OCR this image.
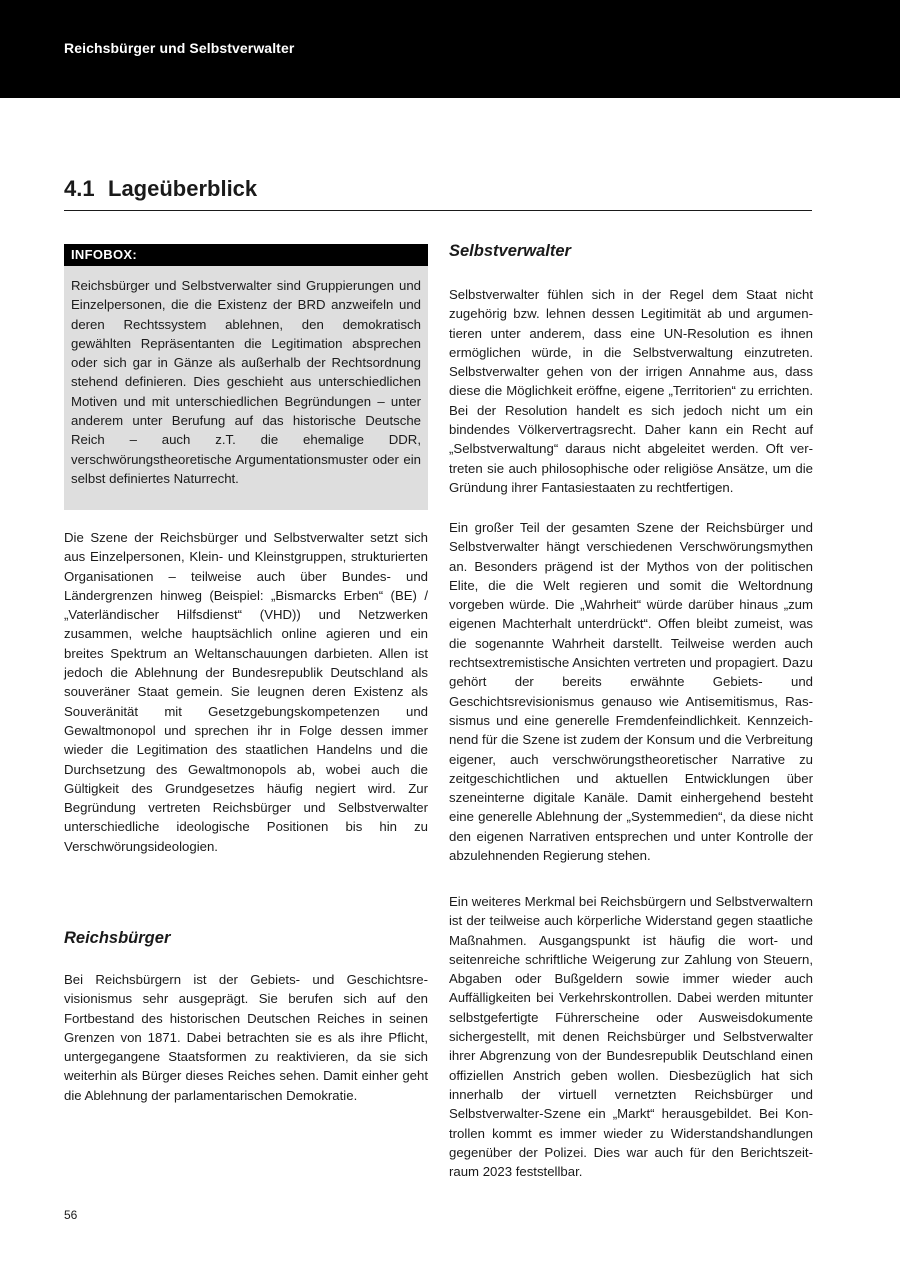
Reichsbürger und Selbstverwalter
4.1 Lageüberblick
INFOBOX:

Reichsbürger und Selbstverwalter sind Gruppierungen und Einzelpersonen, die die Existenz der BRD anzweifeln und deren Rechtssystem ablehnen, den demokratisch gewählten Repräsentanten die Legitimation absprechen oder sich gar in Gänze als außerhalb der Rechtsordnung stehend definieren. Dies geschieht aus unterschiedlichen Motiven und mit unterschiedlichen Begründungen – unter anderem unter Berufung auf das historische Deutsche Reich – auch z.T. die ehemalige DDR, verschwörungstheoretische Argumentationsmuster oder ein selbst definiertes Naturrecht.

Die Szene der Reichsbürger und Selbstverwalter setzt sich aus Einzelpersonen, Klein- und Kleinstgruppen, strukturierten Organisationen – teilweise auch über Bundes- und Ländergrenzen hinweg (Beispiel: „Bismarcks Erben“ (BE) / „Vaterländischer Hilfsdienst“ (VHD)) und Netzwerken zusammen, welche hauptsächlich online agieren und ein breites Spektrum an Weltanschauungen darbieten. Allen ist jedoch die Ablehnung der Bundesrepublik Deutschland als souveräner Staat gemein. Sie leugnen deren Existenz als Souveränität mit Gesetzgebungskompetenzen und Gewaltmonopol und sprechen ihr in Folge dessen immer wieder die Legitimation des staatlichen Handelns und die Durchsetzung des Gewaltmonopols ab, wobei auch die Gültigkeit des Grundgesetzes häufig negiert wird. Zur Begründung vertreten Reichsbürger und Selbstverwalter unterschiedliche ideologische Positionen bis hin zu Verschwörungsideologien.

Reichsbürger

Bei Reichsbürgern ist der Gebiets- und Geschichtsrevisionismus sehr ausgeprägt. Sie berufen sich auf den Fortbestand des historischen Deutschen Reiches in seinen Grenzen von 1871. Dabei betrachten sie es als ihre Pflicht, untergegangene Staatsformen zu reaktivieren, da sie sich weiterhin als Bürger dieses Reiches sehen. Damit einher geht die Ablehnung der parlamentarischen Demokratie.

Selbstverwalter

Selbstverwalter fühlen sich in der Regel dem Staat nicht zugehörig bzw. lehnen dessen Legitimität ab und argumentieren unter anderem, dass eine UN-Resolution es ihnen ermöglichen würde, in die Selbstverwaltung einzutreten. Selbstverwalter gehen von der irrigen Annahme aus, dass diese die Möglichkeit eröffne, eigene „Territorien“ zu errichten. Bei der Resolution handelt es sich jedoch nicht um ein bindendes Völkervertragsrecht. Daher kann ein Recht auf „Selbstverwaltung“ daraus nicht abgeleitet werden. Oft vertreten sie auch philosophische oder religiöse Ansätze, um die Gründung ihrer Fantasiestaaten zu rechtfertigen.

Ein großer Teil der gesamten Szene der Reichsbürger und Selbstverwalter hängt verschiedenen Verschwörungsmythen an. Besonders prägend ist der Mythos von der politischen Elite, die die Welt regieren und somit die Weltordnung vorgeben würde. Die „Wahrheit“ würde darüber hinaus „zum eigenen Machterhalt unterdrückt“. Offen bleibt zumeist, was die sogenannte Wahrheit darstellt. Teilweise werden auch rechtsextremistische Ansichten vertreten und propagiert. Dazu gehört der bereits erwähnte Gebiets- und Geschichtsrevisionismus genauso wie Antisemitismus, Rassismus und eine generelle Fremdenfeindlichkeit. Kennzeichnend für die Szene ist zudem der Konsum und die Verbreitung eigener, auch verschwörungstheoretischer Narrative zu zeitgeschichtlichen und aktuellen Entwicklungen über szeneinterne digitale Kanäle. Damit einhergehend besteht eine generelle Ablehnung der „Systemmedien“, da diese nicht den eigenen Narrativen entsprechen und unter Kontrolle der abzulehnenden Regierung stehen.

Ein weiteres Merkmal bei Reichsbürgern und Selbstverwaltern ist der teilweise auch körperliche Widerstand gegen staatliche Maßnahmen. Ausgangspunkt ist häufig die wort- und seitenreiche schriftliche Weigerung zur Zahlung von Steuern, Abgaben oder Bußgeldern sowie immer wieder auch Auffälligkeiten bei Verkehrskontrollen. Dabei werden mitunter selbstgefertigte Führerscheine oder Ausweisdokumente sichergestellt, mit denen Reichsbürger und Selbstverwalter ihrer Abgrenzung von der Bundesrepublik Deutschland einen offiziellen Anstrich geben wollen. Diesbezüglich hat sich innerhalb der virtuell vernetzten Reichsbürger und Selbstverwalter-Szene ein „Markt“ herausgebildet. Bei Kontrollen kommt es immer wieder zu Widerstandshandlungen gegenüber der Polizei. Dies war auch für den Berichtszeitraum 2023 feststellbar.

56
